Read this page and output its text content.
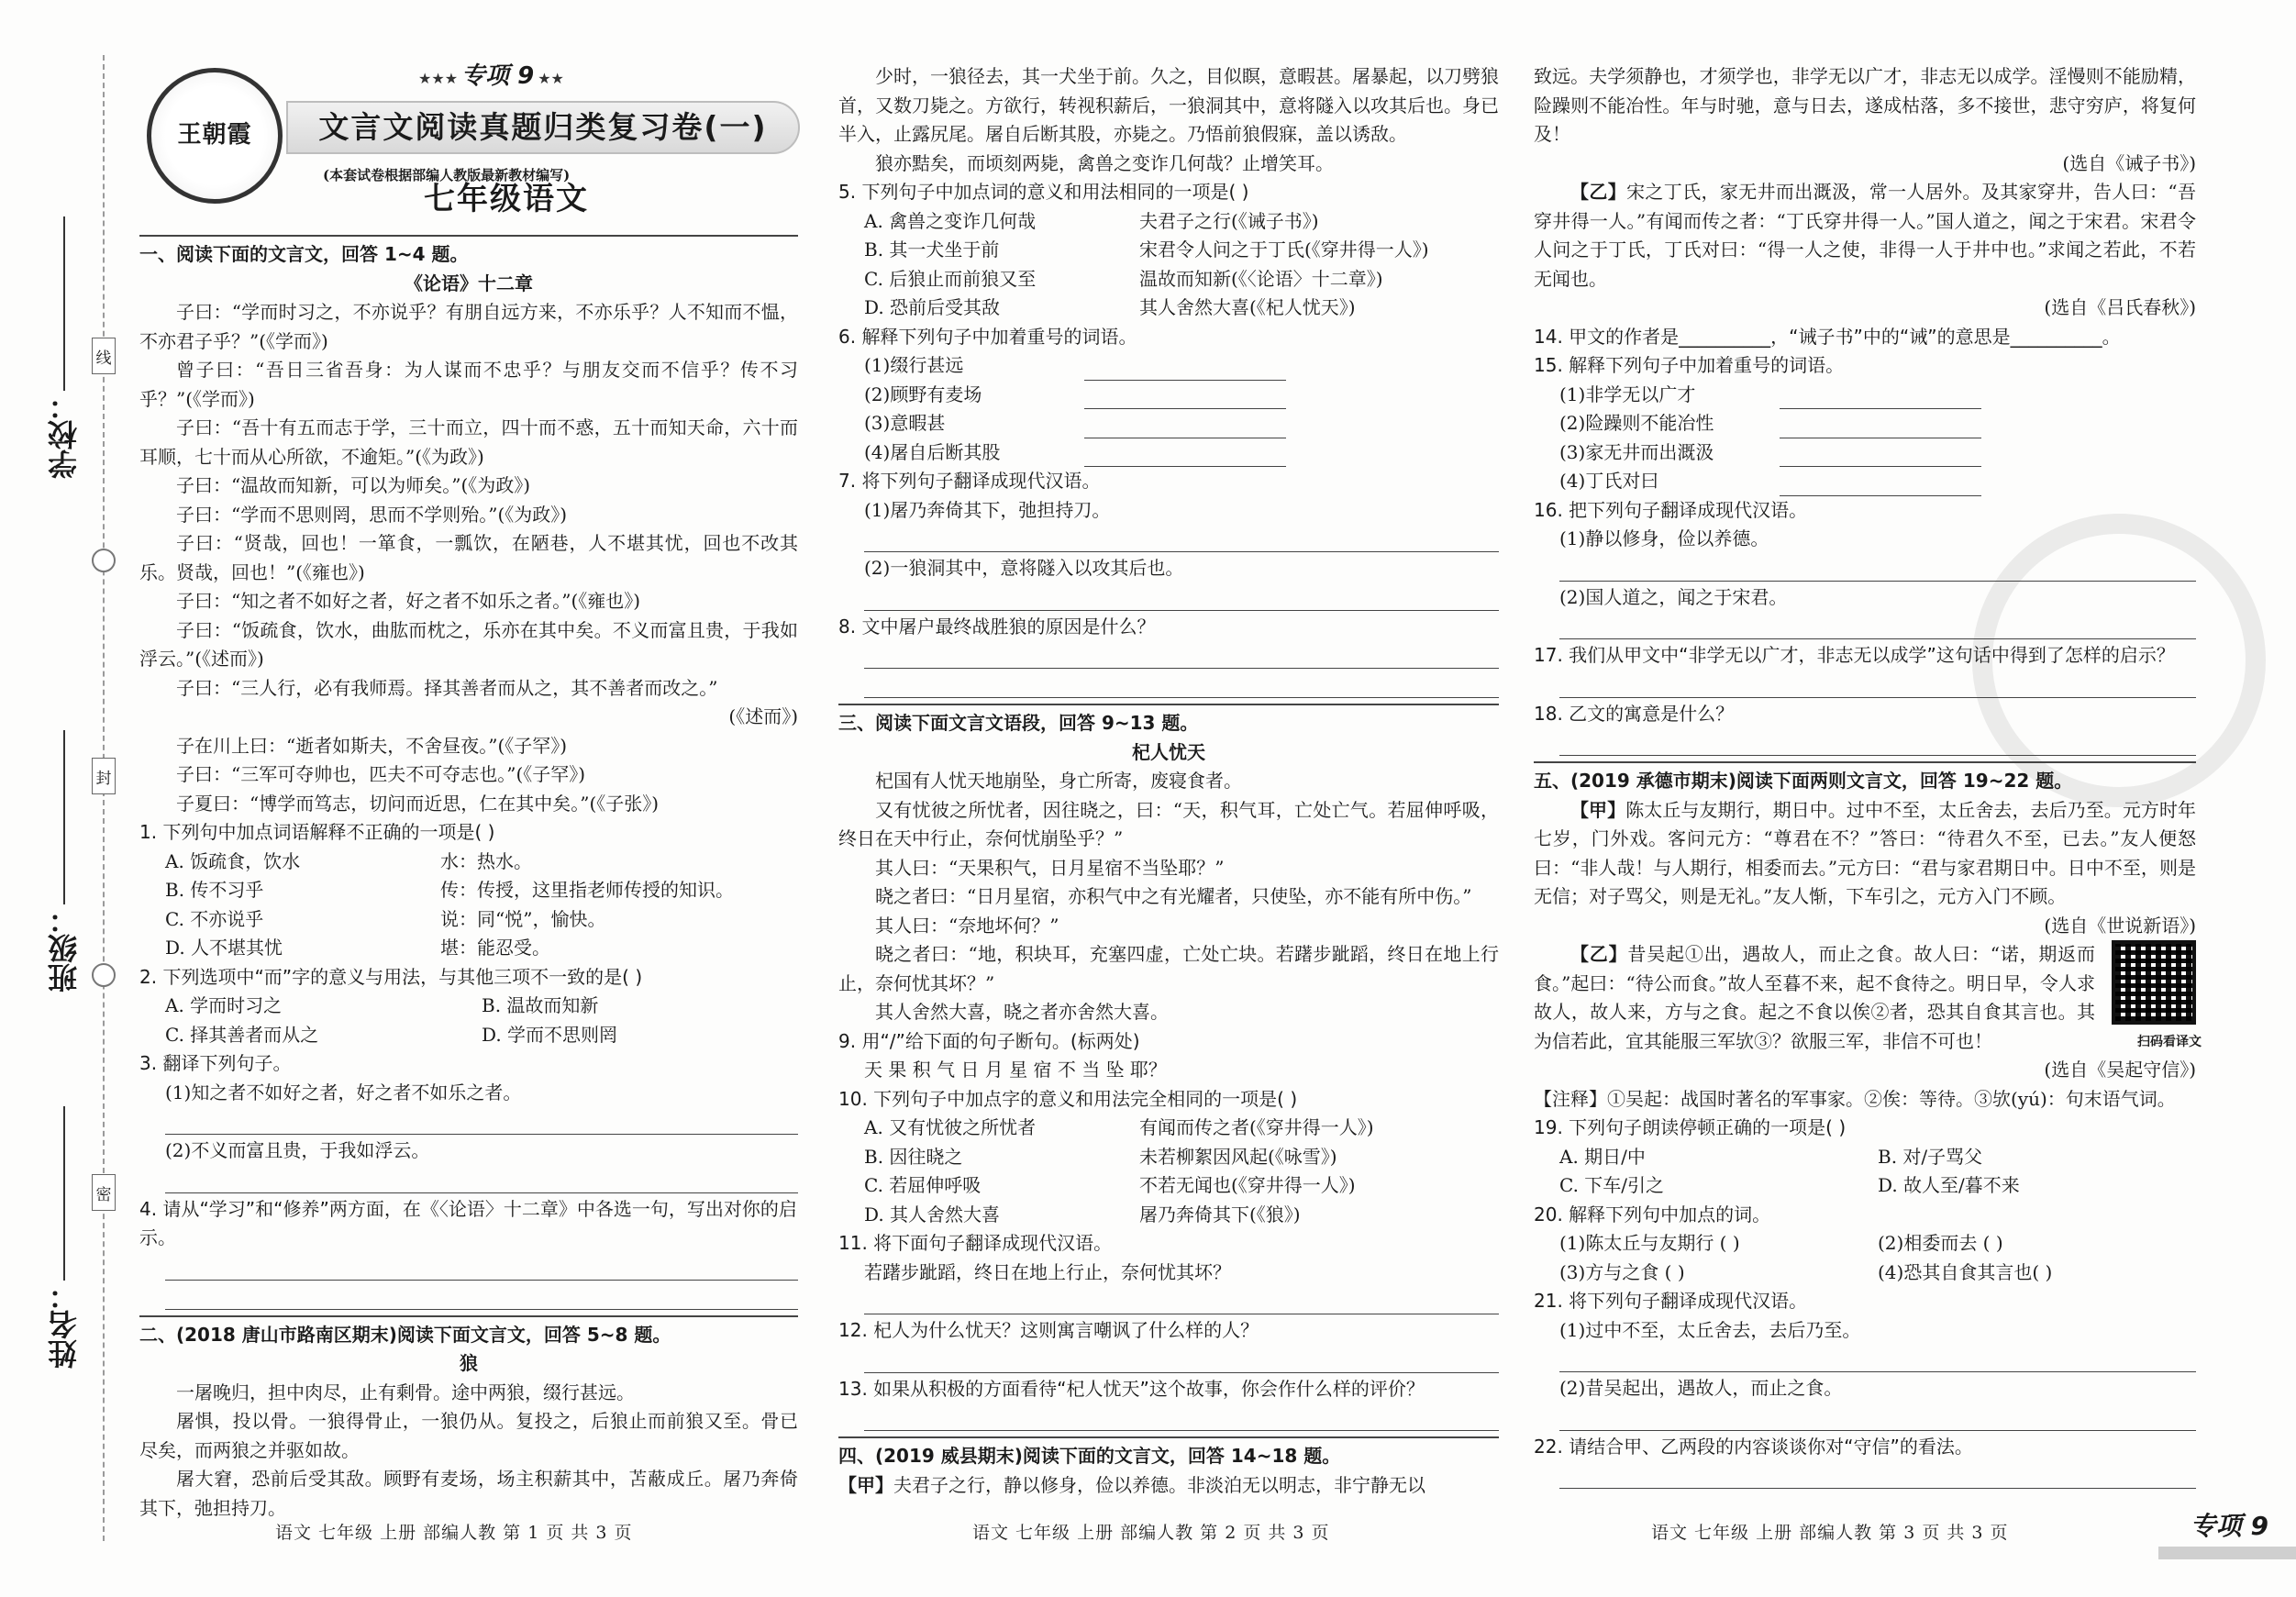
学校：
班级：
姓名：
线
封
密
王朝霞
★★★ 专项 9 ★★
文言文阅读真题归类复习卷(一)
(本套试卷根据部编人教版最新教材编写)
七年级语文
一、阅读下面的文言文，回答 1~4 题。
《论语》十二章
子曰：“学而时习之，不亦说乎？有朋自远方来，不亦乐乎？人不知而不愠，不亦君子乎？”(《学而》)
曾子曰：“吾日三省吾身：为人谋而不忠乎？与朋友交而不信乎？传不习乎？”(《学而》)
子曰：“吾十有五而志于学，三十而立，四十而不惑，五十而知天命，六十而耳顺，七十而从心所欲，不逾矩。”(《为政》)
子曰：“温故而知新，可以为师矣。”(《为政》)
子曰：“学而不思则罔，思而不学则殆。”(《为政》)
子曰：“贤哉，回也！一箪食，一瓢饮，在陋巷，人不堪其忧，回也不改其乐。贤哉，回也！”(《雍也》)
子曰：“知之者不如好之者，好之者不如乐之者。”(《雍也》)
子曰：“饭疏食，饮水，曲肱而枕之，乐亦在其中矣。不义而富且贵，于我如浮云。”(《述而》)
子曰：“三人行，必有我师焉。择其善者而从之，其不善者而改之。”
(《述而》)
子在川上曰：“逝者如斯夫，不舍昼夜。”(《子罕》)
子曰：“三军可夺帅也，匹夫不可夺志也。”(《子罕》)
子夏曰：“博学而笃志，切问而近思，仁在其中矣。”(《子张》)
1. 下列句中加点词语解释不正确的一项是( )
A. 饭疏食，饮水	水：热水。
B. 传不习乎	传：传授，这里指老师传授的知识。
C. 不亦说乎	说：同“悦”，愉快。
D. 人不堪其忧	堪：能忍受。
2. 下列选项中“而”字的意义与用法，与其他三项不一致的是( )
A. 学而时习之	B. 温故而知新
C. 择其善者而从之	D. 学而不思则罔
3. 翻译下列句子。
(1)知之者不如好之者，好之者不如乐之者。
(2)不义而富且贵，于我如浮云。
4. 请从“学习”和“修养”两方面，在《〈论语〉十二章》中各选一句，写出对你的启示。
二、(2018 唐山市路南区期末)阅读下面文言文，回答 5~8 题。
狼
一屠晚归，担中肉尽，止有剩骨。途中两狼，缀行甚远。
屠惧，投以骨。一狼得骨止，一狼仍从。复投之，后狼止而前狼又至。骨已尽矣，而两狼之并驱如故。
屠大窘，恐前后受其敌。顾野有麦场，场主积薪其中，苫蔽成丘。屠乃奔倚其下，弛担持刀。
少时，一狼径去，其一犬坐于前。久之，目似瞑，意暇甚。屠暴起，以刀劈狼首，又数刀毙之。方欲行，转视积薪后，一狼洞其中，意将隧入以攻其后也。身已半入，止露尻尾。屠自后断其股，亦毙之。乃悟前狼假寐，盖以诱敌。
狼亦黠矣，而顷刻两毙，禽兽之变诈几何哉？止增笑耳。
5. 下列句子中加点词的意义和用法相同的一项是( )
A. 禽兽之变诈几何哉	夫君子之行(《诫子书》)
B. 其一犬坐于前	宋君令人问之于丁氏(《穿井得一人》)
C. 后狼止而前狼又至	温故而知新(《〈论语〉十二章》)
D. 恐前后受其敌	其人舍然大喜(《杞人忧天》)
6. 解释下列句子中加着重号的词语。
(1)缀行甚远
(2)顾野有麦场
(3)意暇甚
(4)屠自后断其股
7. 将下列句子翻译成现代汉语。
(1)屠乃奔倚其下，弛担持刀。
(2)一狼洞其中，意将隧入以攻其后也。
8. 文中屠户最终战胜狼的原因是什么？
三、阅读下面文言文语段，回答 9~13 题。
杞人忧天
杞国有人忧天地崩坠，身亡所寄，废寝食者。
又有忧彼之所忧者，因往晓之，曰：“天，积气耳，亡处亡气。若屈伸呼吸，终日在天中行止，奈何忧崩坠乎？”
其人曰：“天果积气，日月星宿不当坠耶？”
晓之者曰：“日月星宿，亦积气中之有光耀者，只使坠，亦不能有所中伤。”
其人曰：“奈地坏何？”
晓之者曰：“地，积块耳，充塞四虚，亡处亡块。若躇步跐蹈，终日在地上行止，奈何忧其坏？”
其人舍然大喜，晓之者亦舍然大喜。
9. 用“/”给下面的句子断句。(标两处)
天 果 积 气 日 月 星 宿 不 当 坠 耶？
10. 下列句子中加点字的意义和用法完全相同的一项是( )
A. 又有忧彼之所忧者	有闻而传之者(《穿井得一人》)
B. 因往晓之	未若柳絮因风起(《咏雪》)
C. 若屈伸呼吸	不若无闻也(《穿井得一人》)
D. 其人舍然大喜	屠乃奔倚其下(《狼》)
11. 将下面句子翻译成现代汉语。
若躇步跐蹈，终日在地上行止，奈何忧其坏？
12. 杞人为什么忧天？这则寓言嘲讽了什么样的人？
13. 如果从积极的方面看待“杞人忧天”这个故事，你会作什么样的评价？
四、(2019 威县期末)阅读下面的文言文，回答 14~18 题。
【甲】夫君子之行，静以修身，俭以养德。非淡泊无以明志，非宁静无以
致远。夫学须静也，才须学也，非学无以广才，非志无以成学。淫慢则不能励精，险躁则不能冶性。年与时驰，意与日去，遂成枯落，多不接世，悲守穷庐，将复何及！
(选自《诫子书》)
【乙】宋之丁氏，家无井而出溉汲，常一人居外。及其家穿井，告人曰：“吾穿井得一人。”有闻而传之者：“丁氏穿井得一人。”国人道之，闻之于宋君。宋君令人问之于丁氏，丁氏对曰：“得一人之使，非得一人于井中也。”求闻之若此，不若无闻也。
(选自《吕氏春秋》)
14. 甲文的作者是__________，“诫子书”中的“诫”的意思是__________。
15. 解释下列句子中加着重号的词语。
(1)非学无以广才
(2)险躁则不能冶性
(3)家无井而出溉汲
(4)丁氏对曰
16. 把下列句子翻译成现代汉语。
(1)静以修身，俭以养德。
(2)国人道之，闻之于宋君。
17. 我们从甲文中“非学无以广才，非志无以成学”这句话中得到了怎样的启示？
18. 乙文的寓意是什么？
五、(2019 承德市期末)阅读下面两则文言文，回答 19~22 题。
【甲】陈太丘与友期行，期日中。过中不至，太丘舍去，去后乃至。元方时年七岁，门外戏。客问元方：“尊君在不？”答曰：“待君久不至，已去。”友人便怒曰：“非人哉！与人期行，相委而去。”元方曰：“君与家君期日中。日中不至，则是无信；对子骂父，则是无礼。”友人惭，下车引之，元方入门不顾。
(选自《世说新语》)
【乙】昔吴起①出，遇故人，而止之食。故人曰：“诺，期返而食。”起曰：“待公而食。”故人至暮不来，起不食待之。明日早，令人求故人，故人来，方与之食。起之不食以俟②者，恐其自食其言也。其为信若此，宜其能服三军欤③？欲服三军，非信不可也！	扫码看译文
(选自《吴起守信》)
【注释】①吴起：战国时著名的军事家。②俟：等待。③欤(yú)：句末语气词。
19. 下列句子朗读停顿正确的一项是( )
A. 期日/中	B. 对/子骂父
C. 下车/引之	D. 故人至/暮不来
20. 解释下列句中加点的词。
(1)陈太丘与友期行 ( )	(2)相委而去 ( )
(3)方与之食 ( )	(4)恐其自食其言也( )
21. 将下列句子翻译成现代汉语。
(1)过中不至，太丘舍去，去后乃至。
(2)昔吴起出，遇故人，而止之食。
22. 请结合甲、乙两段的内容谈谈你对“守信”的看法。
语文 七年级 上册 部编人教 第 1 页 共 3 页	语文 七年级 上册 部编人教 第 2 页 共 3 页	语文 七年级 上册 部编人教 第 3 页 共 3 页	专项 9
